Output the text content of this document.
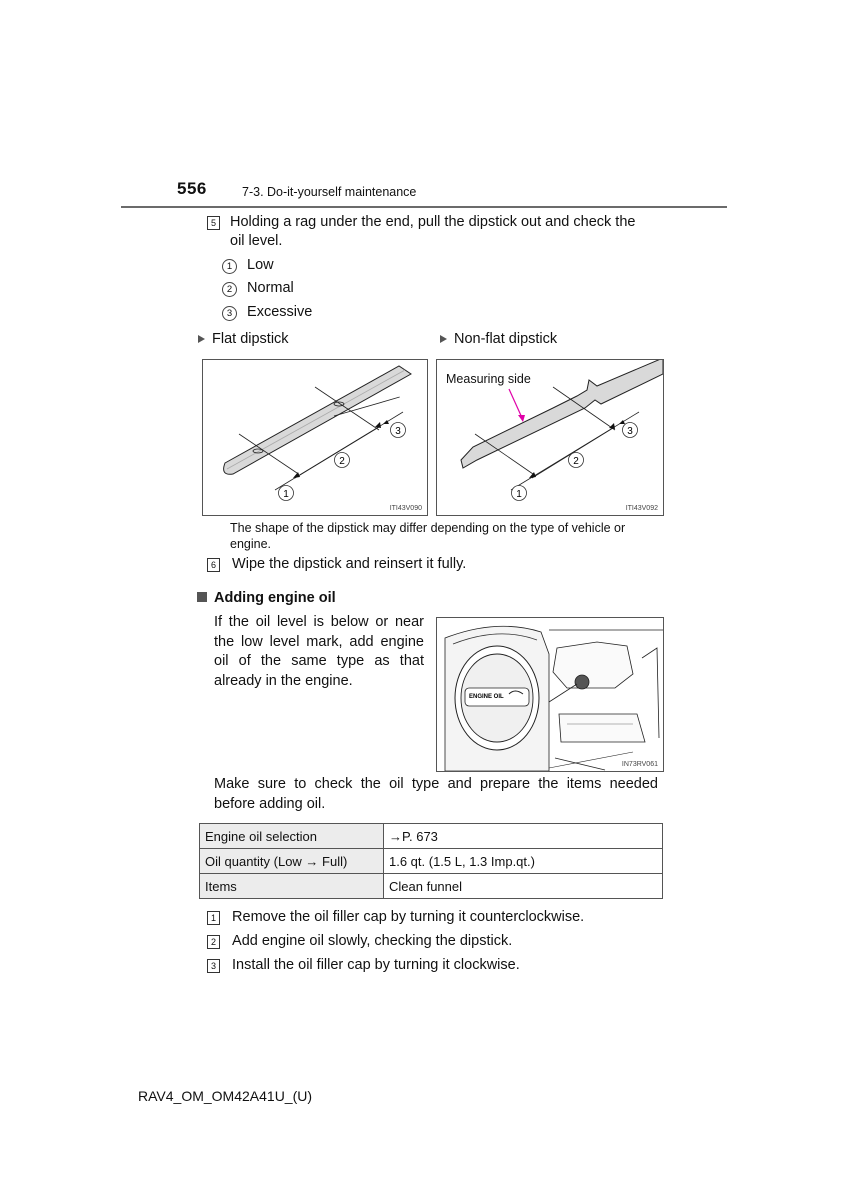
556	7-3. Do-it-yourself maintenance
5 Holding a rag under the end, pull the dipstick out and check the
oil level.
1 Low
2 Normal
3 Excessive
Flat dipstick	Non-flat dipstick
1
2
3
ITI43V090
1
2
3
Measuring side
ITI43V092
The shape of the dipstick may differ depending on the type of vehicle or
engine.
6 Wipe the dipstick and reinsert it fully.
Adding engine oil
If the oil level is below or near
the low level mark, add engine
oil of the same type as that
already in the engine.
ENGINE OIL
IN73RV061
Make sure to check the oil type and prepare the items needed
before adding oil.
Engine oil selection	→P. 673
Oil quantity (Low → Full)	1.6 qt. (1.5 L, 1.3 Imp.qt.)
Items	Clean funnel
1 Remove the oil filler cap by turning it counterclockwise.
2 Add engine oil slowly, checking the dipstick.
3 Install the oil filler cap by turning it clockwise.
RAV4_OM_OM42A41U_(U)
